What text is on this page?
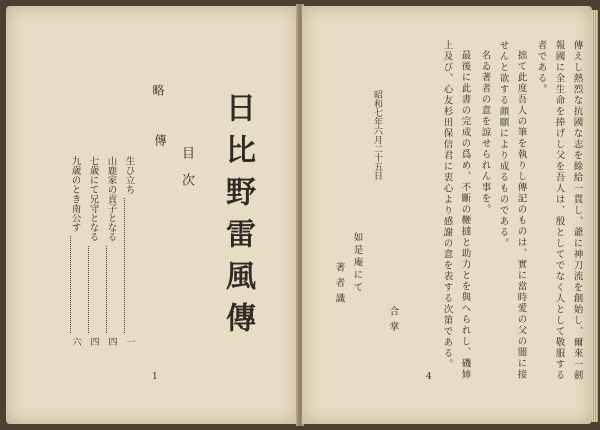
日比野雷風傳
目次
略
傳
生ひ立ち
一
山鹿家の貢子となる
四
七歳にて兄守となる
四
九歳のとき南公す
六
1	傳えし熱烈な抗國な志を餘給一貫し、爺に神刀流を創始し、爾來一劍
報國に全生命を捧げし父を吾人は、殷としてでなく人として敬服する
者である。
拙て此度吾人の筆を執りし傳記のものは、實に當時愛の父の闇に接
せんと欲する顔願により成るものである。
名ゐ著者の意を諒せられん事を。
最後に此書の完成の爲め、不斷の鞭撻と助力とを與へられし、磯姉
上及び、心友杉田保信君に衷心より感謝の意を表する次第である。
合掌
昭和七年六月二十五日
如是庵にて
著者識
4
